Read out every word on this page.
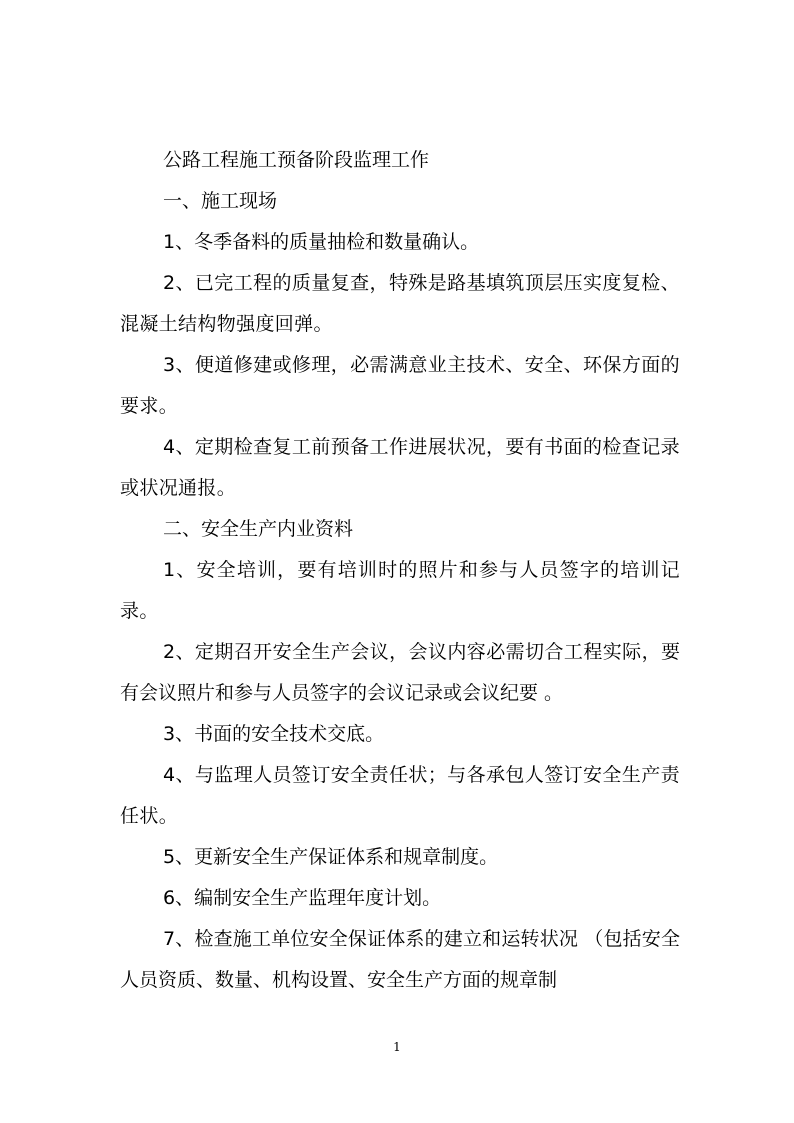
公路工程施工预备阶段监理工作

一、施工现场

1、冬季备料的质量抽检和数量确认。

2、已完工程的质量复查，特殊是路基填筑顶层压实度复检、混凝土结构物强度回弹。

3、便道修建或修理，必需满意业主技术、安全、环保方面的要求。

4、定期检查复工前预备工作进展状况，要有书面的检查记录或状况通报。

二、安全生产内业资料

1、安全培训，要有培训时的照片和参与人员签字的培训记录。

2、定期召开安全生产会议，会议内容必需切合工程实际，要有会议照片和参与人员签字的会议记录或会议纪要 。

3、书面的安全技术交底。

4、与监理人员签订安全责任状；与各承包人签订安全生产责任状。

5、更新安全生产保证体系和规章制度。

6、编制安全生产监理年度计划。

7、检查施工单位安全保证体系的建立和运转状况 （包括安全人员资质、数量、机构设置、安全生产方面的规章制

1
